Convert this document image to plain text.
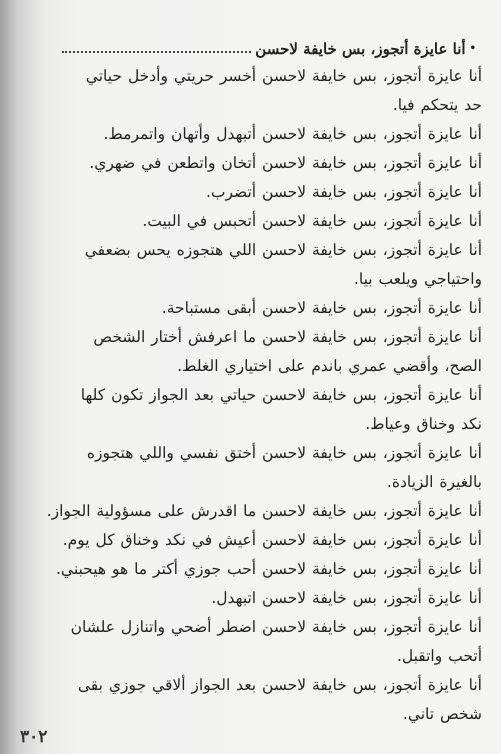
•
أنا عايزة أتجوز، بس خايفة لاحسن
أنا عايزة أتجوز، بس خايفة لاحسن أخسر حريتي وأدخل حياتي
حد يتحكم فيا.
أنا عايزة أتجوز، بس خايفة لاحسن أتبهدل وأتهان واتمرمط.
أنا عايزة أتجوز، بس خايفة لاحسن أتخان واتطعن في ضهري.
أنا عايزة أتجوز، بس خايفة لاحسن أتضرب.
أنا عايزة أتجوز، بس خايفة لاحسن أتحبس في البيت.
أنا عايزة أتجوز، بس خايفة لاحسن اللي هتجوزه يحس بضعفي
واحتياجي ويلعب بيا.
أنا عايزة أتجوز، بس خايفة لاحسن أبقى مستباحة.
أنا عايزة أتجوز، بس خايفة لاحسن ما اعرفش أختار الشخص
الصح، وأقضي عمري باندم على اختياري الغلط.
أنا عايزة أتجوز، بس خايفة لاحسن حياتي بعد الجواز تكون كلها
نكد وخناق وعياط.
أنا عايزة أتجوز، بس خايفة لاحسن أختق نفسي واللي هتجوزه
بالغيرة الزيادة.
أنا عايزة أتجوز، بس خايفة لاحسن ما اقدرش على مسؤولية الجواز.
أنا عايزة أتجوز، بس خايفة لاحسن أعيش في نكد وخناق كل يوم.
أنا عايزة أتجوز، بس خايفة لاحسن أحب جوزي أكتر ما هو هيحبني.
أنا عايزة أتجوز، بس خايفة لاحسن اتبهدل.
أنا عايزة أتجوز، بس خايفة لاحسن اضطر أضحي واتنازل علشان
أتحب واتقبل.
أنا عايزة أتجوز، بس خايفة لاحسن بعد الجواز ألاقي جوزي بقى
شخص تاني.
٣٠٢
